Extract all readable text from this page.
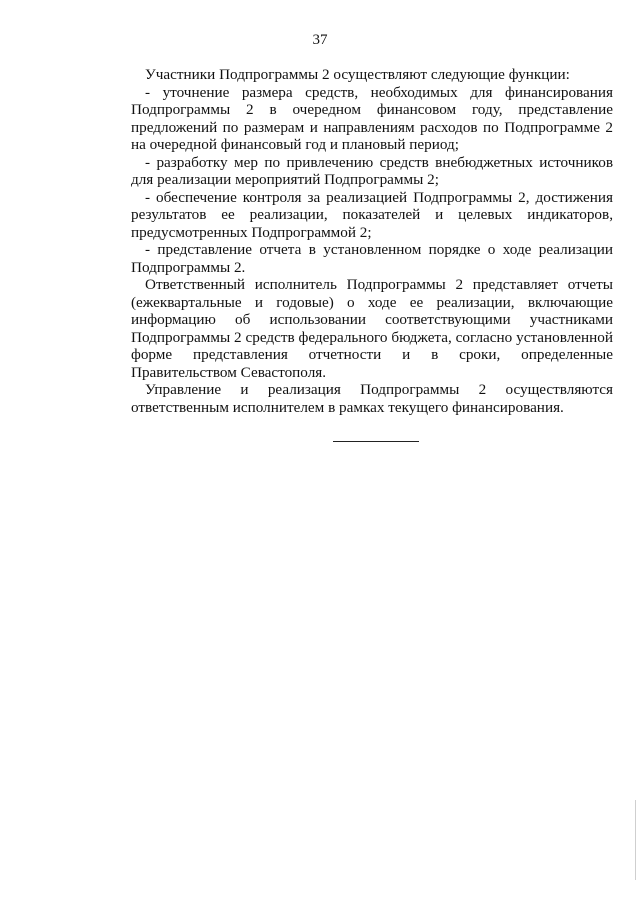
37

Участники Подпрограммы 2 осуществляют следующие функции:

- уточнение размера средств, необходимых для финансирования Подпрограммы 2 в очередном финансовом году, представление предложений по размерам и направлениям расходов по Подпрограмме 2 на очередной финансовый год и плановый период;

- разработку мер по привлечению средств внебюджетных источников для реализации мероприятий Подпрограммы 2;

- обеспечение контроля за реализацией Подпрограммы 2, достижения результатов ее реализации, показателей и целевых индикаторов, предусмотренных Подпрограммой 2;

- представление отчета в установленном порядке о ходе реализации Подпрограммы 2.

Ответственный исполнитель Подпрограммы 2 представляет отчеты (ежеквартальные и годовые) о ходе ее реализации, включающие информацию об использовании соответствующими участниками Подпрограммы 2 средств федерального бюджета, согласно установленной форме представления отчетности и в сроки, определенные Правительством Севастополя.

Управление и реализация Подпрограммы 2 осуществляются ответственным исполнителем в рамках текущего финансирования.
